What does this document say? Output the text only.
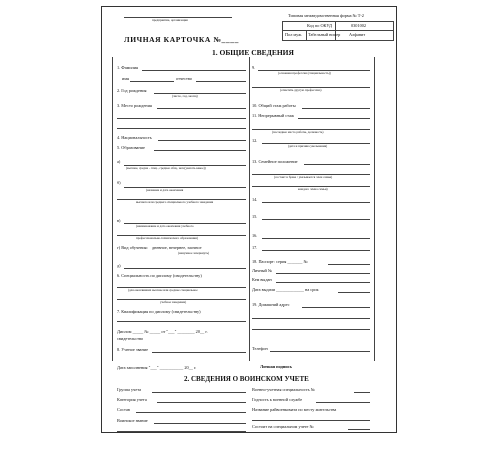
предприятие, организация
Типовая межведомственная форма № Т-2
Код по ОКУД	0301002
Пол муж. Табельный номер Алфавит
ЛИЧНАЯ КАРТОЧКА №____
1. ОБЩИЕ СВЕДЕНИЯ
1. Фамилия
имя	отчество
2. Год рождения
(число, год, месяц)
3. Место рождения
4. Национальность
5. Образование
а)
(высшее, средне - спец., среднее общ., неп.(указать какое))
б)
(название и дата окончания
высшего или среднего специального учебного заведения
в)
(наименование и дата окончания учебного
профессионально-технического образования)
г) Вид обучения: дневное, вечернее, заочное
(ненужное зачеркнуть)
д)
6. Специальность по диплому (свидетельству)
(для окончивших высшее или среднее специальное
учебное заведение)
7. Квалификация по диплому (свидетельству)
Диплом _____ № _____ от "___" ________ 20__ г.
свидетельство
8. Ученое звание
Дата заполнения "___" ___________ 20__ г.
9.
(основная профессия (специальность))
(отметить другую профессию)
10. Общий стаж работы
11. Непрерывный стаж
(последнее место работы, должность)
12.
(дата и причина увольнения)
13. Семейное положение
(состоит в браке / указывается член семьи)
каждого члена семьи)
14.
15.
16.
17.
18. Паспорт: серия _______ №
Личный №
Кем выдан
Дата выдачи _____________ на срок
19. Домашний адрес
Телефон
Личная подпись
2. СВЕДЕНИЯ О ВОИНСКОМ УЧЕТЕ
Группа учета
Категория учета
Состав
Воинское звание
Военно-учетная специальность №
Годность к военной службе
Название райвоенкомата по месту жительства
Состоит на специальном учете №
